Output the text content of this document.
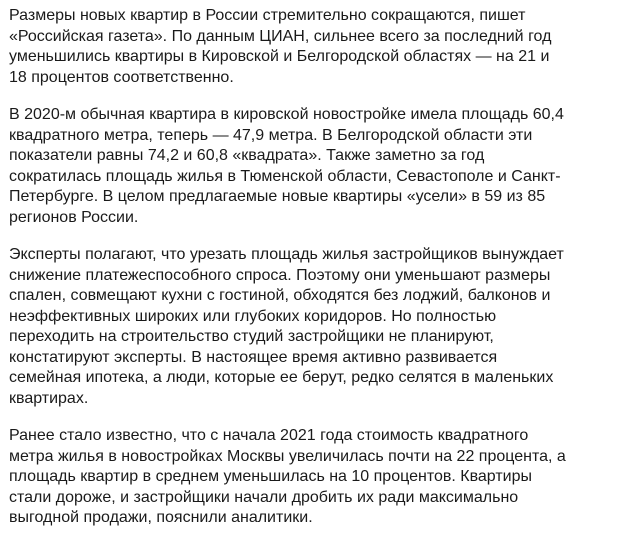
Размеры новых квартир в России стремительно сокращаются, пишет
«Российская газета». По данным ЦИАН, сильнее всего за последний год
уменьшились квартиры в Кировской и Белгородской областях — на 21 и
18 процентов соответственно.

В 2020-м обычная квартира в кировской новостройке имела площадь 60,4
квадратного метра, теперь — 47,9 метра. В Белгородской области эти
показатели равны 74,2 и 60,8 «квадрата». Также заметно за год
сократилась площадь жилья в Тюменской области, Севастополе и Санкт-
Петербурге. В целом предлагаемые новые квартиры «усели» в 59 из 85
регионов России.

Эксперты полагают, что урезать площадь жилья застройщиков вынуждает
снижение платежеспособного спроса. Поэтому они уменьшают размеры
спален, совмещают кухни с гостиной, обходятся без лоджий, балконов и
неэффективных широких или глубоких коридоров. Но полностью
переходить на строительство студий застройщики не планируют,
констатируют эксперты. В настоящее время активно развивается
семейная ипотека, а люди, которые ее берут, редко селятся в маленьких
квартирах.

Ранее стало известно, что с начала 2021 года стоимость квадратного
метра жилья в новостройках Москвы увеличилась почти на 22 процента, а
площадь квартир в среднем уменьшилась на 10 процентов. Квартиры
стали дороже, и застройщики начали дробить их ради максимально
выгодной продажи, пояснили аналитики.
